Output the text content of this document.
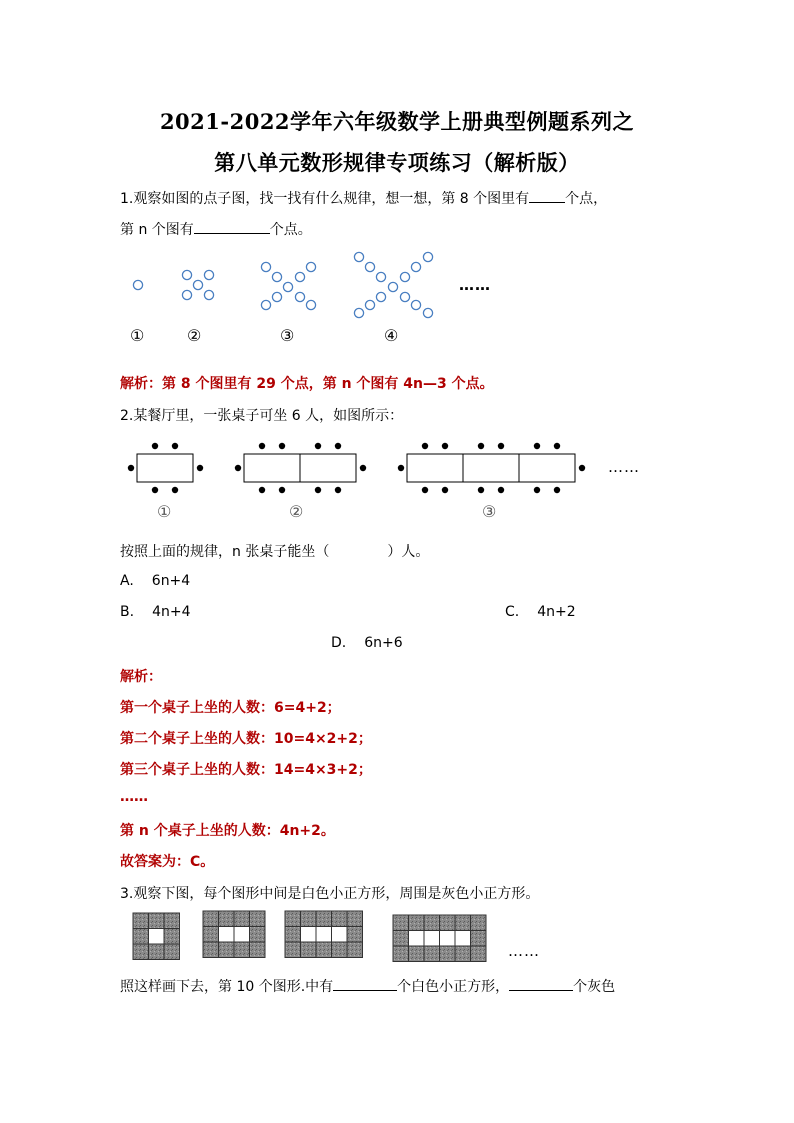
2021-2022学年六年级数学上册典型例题系列之
第八单元数形规律专项练习（解析版）
1.观察如图的点子图，找一找有什么规律，想一想，第 8 个图里有	个点，
第 n 个图有	个点。
……
①	②	③	④
解析：第 8 个图里有 29 个点，第 n 个图有 4n—3 个点。
2.某餐厅里，一张桌子可坐 6 人，如图所示：
……
①	②	③
按照上面的规律，n 张桌子能坐（	）人。
A. 6n+4
B. 4n+4	C. 4n+2
D. 6n+6
解析：
第一个桌子上坐的人数：6=4+2；
第二个桌子上坐的人数：10=4×2+2；
第三个桌子上坐的人数：14=4×3+2；
……
第 n 个桌子上坐的人数：4n+2。
故答案为：C。
3.观察下图，每个图形中间是白色小正方形，周围是灰色小正方形。
……
照这样画下去，第 10 个图形.中有	个白色小正方形，	个灰色
